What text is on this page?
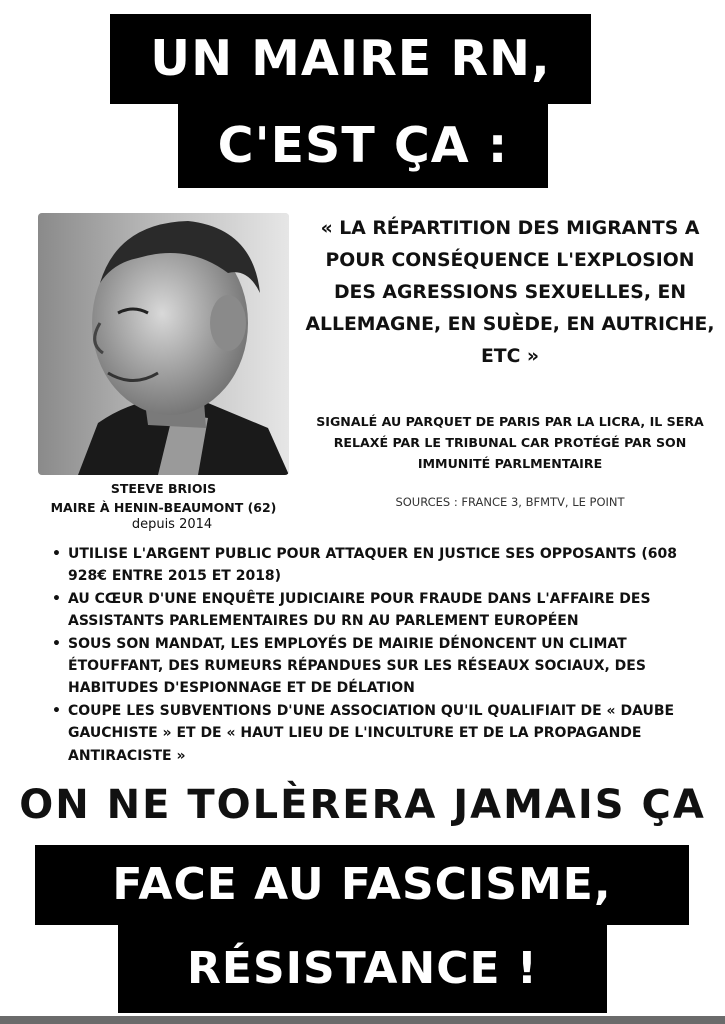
UN MAIRE RN,
C'EST ÇA :
STEEVE BRIOIS
MAIRE À HENIN-BEAUMONT (62)
depuis 2014
« LA RÉPARTITION DES MIGRANTS A POUR CONSÉQUENCE L'EXPLOSION DES AGRESSIONS SEXUELLES, EN ALLEMAGNE, EN SUÈDE, EN AUTRICHE, ETC »
SIGNALÉ AU PARQUET DE PARIS PAR LA LICRA, IL SERA RELAXÉ PAR LE TRIBUNAL CAR PROTÉGÉ PAR SON IMMUNITÉ PARLMENTAIRE
SOURCES : FRANCE 3, BFMTV, LE POINT
• UTILISE L'ARGENT PUBLIC POUR ATTAQUER EN JUSTICE SES OPPOSANTS (608 928€ ENTRE 2015 ET 2018)
• AU CŒUR D'UNE ENQUÊTE JUDICIAIRE POUR FRAUDE DANS L'AFFAIRE DES ASSISTANTS PARLEMENTAIRES DU RN AU PARLEMENT EUROPÉEN
• SOUS SON MANDAT, LES EMPLOYÉS DE MAIRIE DÉNONCENT UN CLIMAT ÉTOUFFANT, DES RUMEURS RÉPANDUES SUR LES RÉSEAUX SOCIAUX, DES HABITUDES D'ESPIONNAGE ET DE DÉLATION
• COUPE LES SUBVENTIONS D'UNE ASSOCIATION QU'IL QUALIFIAIT DE « DAUBE GAUCHISTE » ET DE « HAUT LIEU DE L'INCULTURE ET DE LA PROPAGANDE ANTIRACISTE »
ON NE TOLÈRERA JAMAIS ÇA
FACE AU FASCISME,
RÉSISTANCE !
